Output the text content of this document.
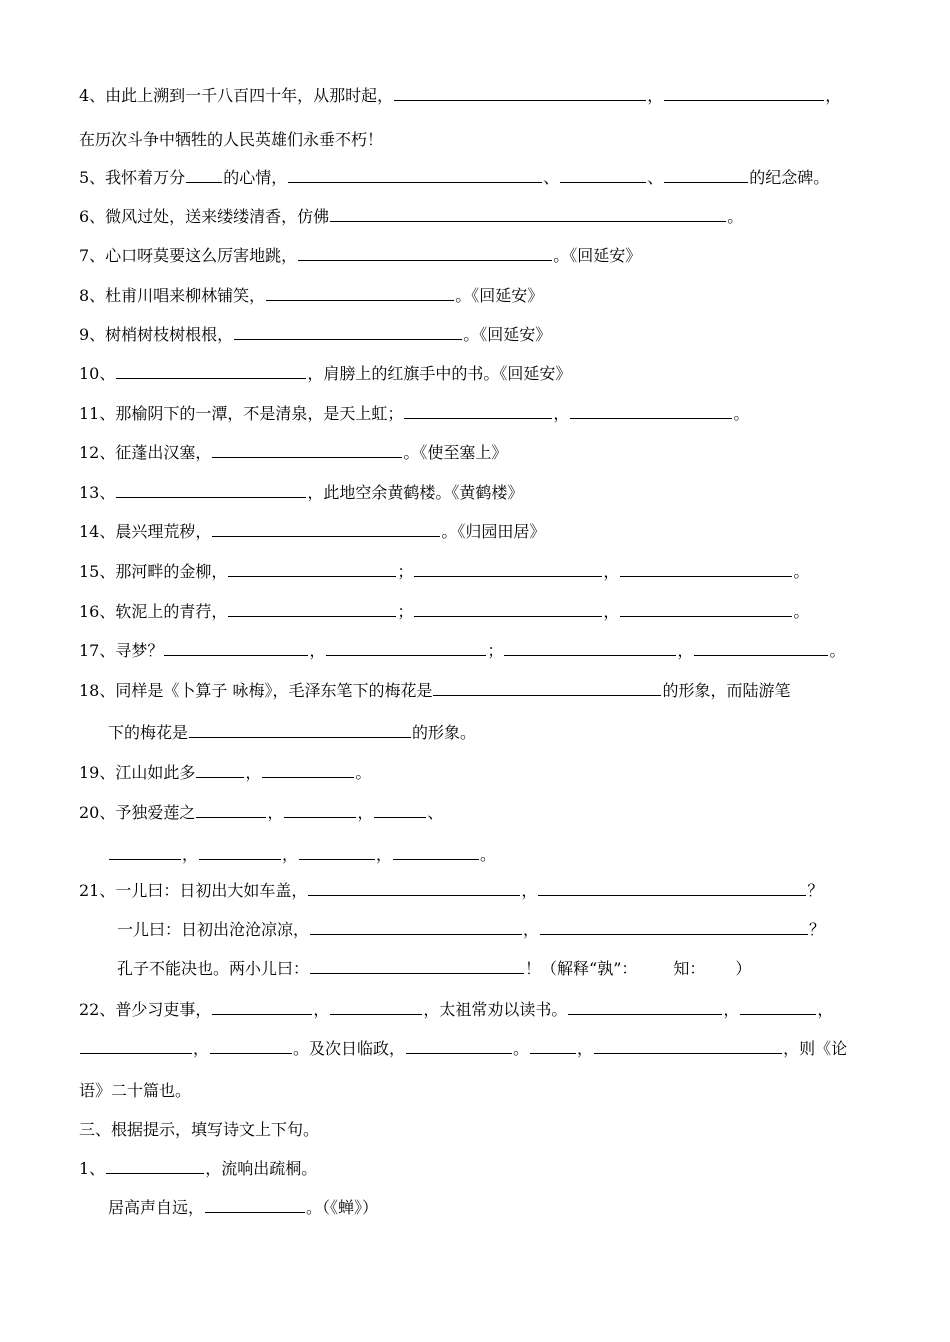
4、由此上溯到一千八百四十年，从那时起，	，	，
在历次斗争中牺牲的人民英雄们永垂不朽！
5、我怀着万分 的心情，	、	、	的纪念碑。
6、微风过处，送来缕缕清香，仿佛	。
7、心口呀莫要这么厉害地跳，	。《回延安》
8、杜甫川唱来柳林铺笑，	。《回延安》
9、树梢树枝树根根，	。《回延安》
10、	，肩膀上的红旗手中的书。《回延安》
11、那榆阴下的一潭，不是清泉，是天上虹；	，	。
12、征蓬出汉塞，	。《使至塞上》
13、	，此地空余黄鹤楼。《黄鹤楼》
14、晨兴理荒秽，	。《归园田居》
15、那河畔的金柳，	；	，	。
16、软泥上的青荇，	；	，	。
17、寻梦？	，	；	，	。
18、同样是《卜算子 咏梅》，毛泽东笔下的梅花是	的形象，而陆游笔
下的梅花是	的形象。
19、江山如此多	，	。
20、予独爱莲之	，	，	、
，	，	，	。
21、一儿曰：日初出大如车盖，	，	？
一儿曰：日初出沧沧凉凉，	，	？
孔子不能决也。两小儿曰：	！（解释“孰”： 知： ）
22、普少习吏事，	，	，太祖常劝以读书。	，	，
，	。及次日临政，	。	，	，则《论
语》二十篇也。
三、根据提示，填写诗文上下句。
1、	，流响出疏桐。
居高声自远，	。（《蝉》）
